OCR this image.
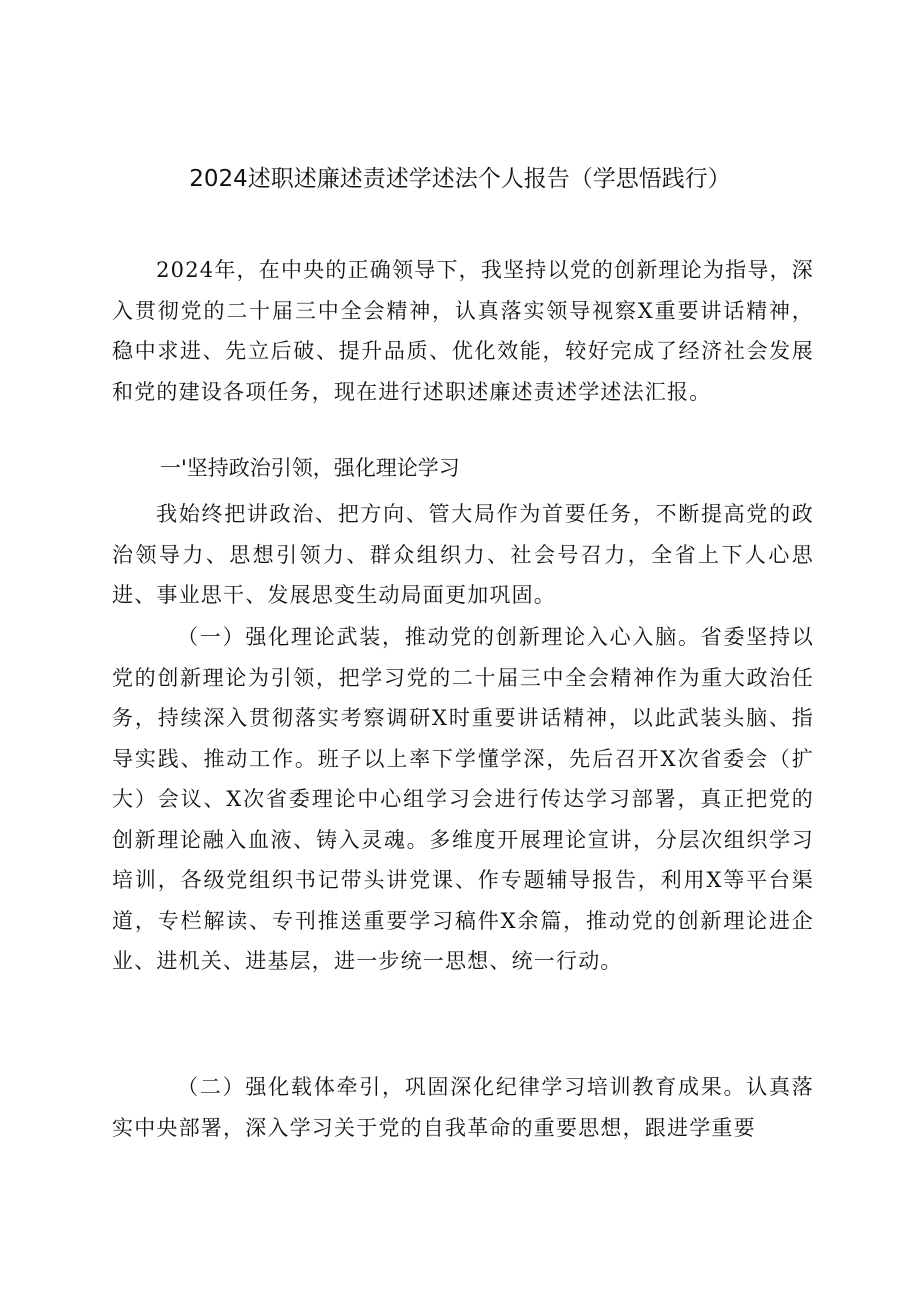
2024述职述廉述责述学述法个人报告（学思悟践行）

2024年，在中央的正确领导下，我坚持以党的创新理论为指导，深入贯彻党的二十届三中全会精神，认真落实领导视察X重要讲话精神，稳中求进、先立后破、提升品质、优化效能，较好完成了经济社会发展和党的建设各项任务，现在进行述职述廉述责述学述法汇报。

一'坚持政治引领，强化理论学习

我始终把讲政治、把方向、管大局作为首要任务，不断提高党的政治领导力、思想引领力、群众组织力、社会号召力，全省上下人心思进、事业思干、发展思变生动局面更加巩固。

（一）强化理论武装，推动党的创新理论入心入脑。省委坚持以党的创新理论为引领，把学习党的二十届三中全会精神作为重大政治任务，持续深入贯彻落实考察调研X时重要讲话精神，以此武装头脑、指导实践、推动工作。班子以上率下学懂学深，先后召开X次省委会（扩大）会议、X次省委理论中心组学习会进行传达学习部署，真正把党的创新理论融入血液、铸入灵魂。多维度开展理论宣讲，分层次组织学习培训，各级党组织书记带头讲党课、作专题辅导报告，利用X等平台渠道，专栏解读、专刊推送重要学习稿件X余篇，推动党的创新理论进企业、进机关、进基层，进一步统一思想、统一行动。

（二）强化载体牵引，巩固深化纪律学习培训教育成果。认真落实中央部署，深入学习关于党的自我革命的重要思想，跟进学重要
